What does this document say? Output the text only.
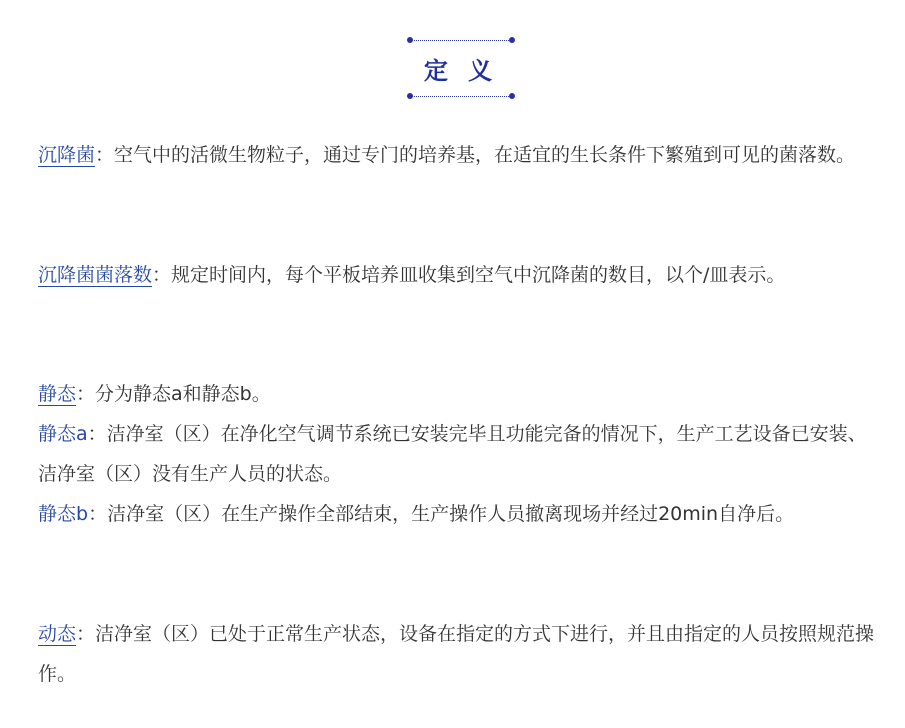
定 义
沉降菌：空气中的活微生物粒子，通过专门的培养基，在适宜的生长条件下繁殖到可见的菌落数。
沉降菌菌落数：规定时间内，每个平板培养皿收集到空气中沉降菌的数目，以个/皿表示。
静态：分为静态a和静态b。
静态a：洁净室（区）在净化空气调节系统已安装完毕且功能完备的情况下，生产工艺设备已安装、洁净室（区）没有生产人员的状态。
静态b：洁净室（区）在生产操作全部结束，生产操作人员撤离现场并经过20min自净后。
动态：洁净室（区）已处于正常生产状态，设备在指定的方式下进行，并且由指定的人员按照规范操作。
